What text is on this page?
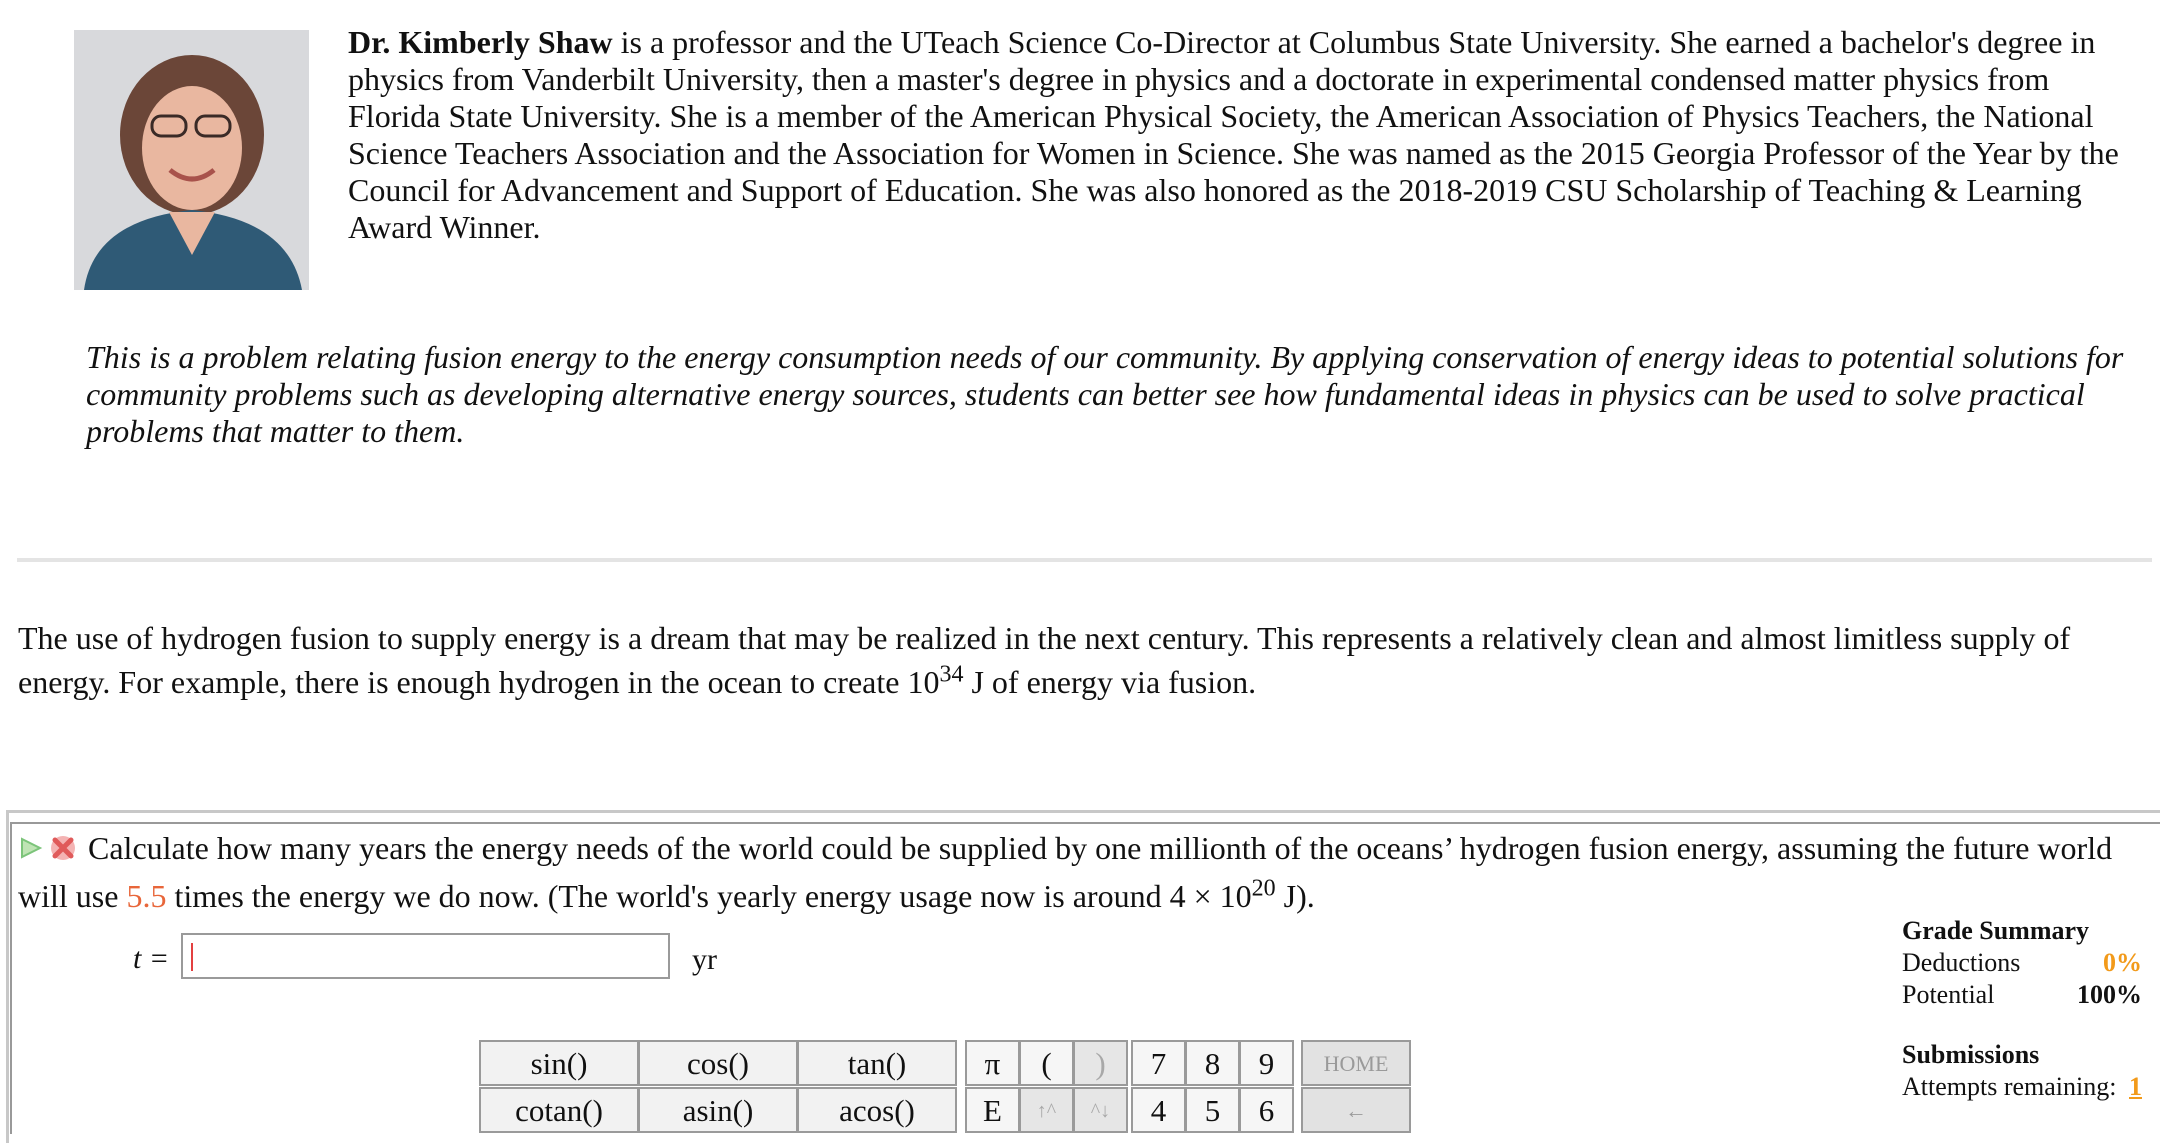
Dr. Kimberly Shaw is a professor and the UTeach Science Co-Director at Columbus State University. She earned a bachelor's degree in physics from Vanderbilt University, then a master's degree in physics and a doctorate in experimental condensed matter physics from Florida State University. She is a member of the American Physical Society, the American Association of Physics Teachers, the National Science Teachers Association and the Association for Women in Science. She was named as the 2015 Georgia Professor of the Year by the Council for Advancement and Support of Education. She was also honored as the 2018-2019 CSU Scholarship of Teaching & Learning Award Winner.
This is a problem relating fusion energy to the energy consumption needs of our community. By applying conservation of energy ideas to potential solutions for community problems such as developing alternative energy sources, students can better see how fundamental ideas in physics can be used to solve practical problems that matter to them.
The use of hydrogen fusion to supply energy is a dream that may be realized in the next century. This represents a relatively clean and almost limitless supply of energy. For example, there is enough hydrogen in the ocean to create $10^{34}$ J of energy via fusion.
Calculate how many years the energy needs of the world could be supplied by one millionth of the oceans’ hydrogen fusion energy, assuming the future world will use 5.5 times the energy we do now. (The world's yearly energy usage now is around $4 \times 10^{20}$ J).
t =	yr
sin()	cos()	tan()	π	(	)	7	8	9	HOME
cotan()	asin()	acos()	E	↑^	^↓	4	5	6	←
Grade Summary
Deductions	0%
Potential	100%
Submissions
Attempts remaining: 1
